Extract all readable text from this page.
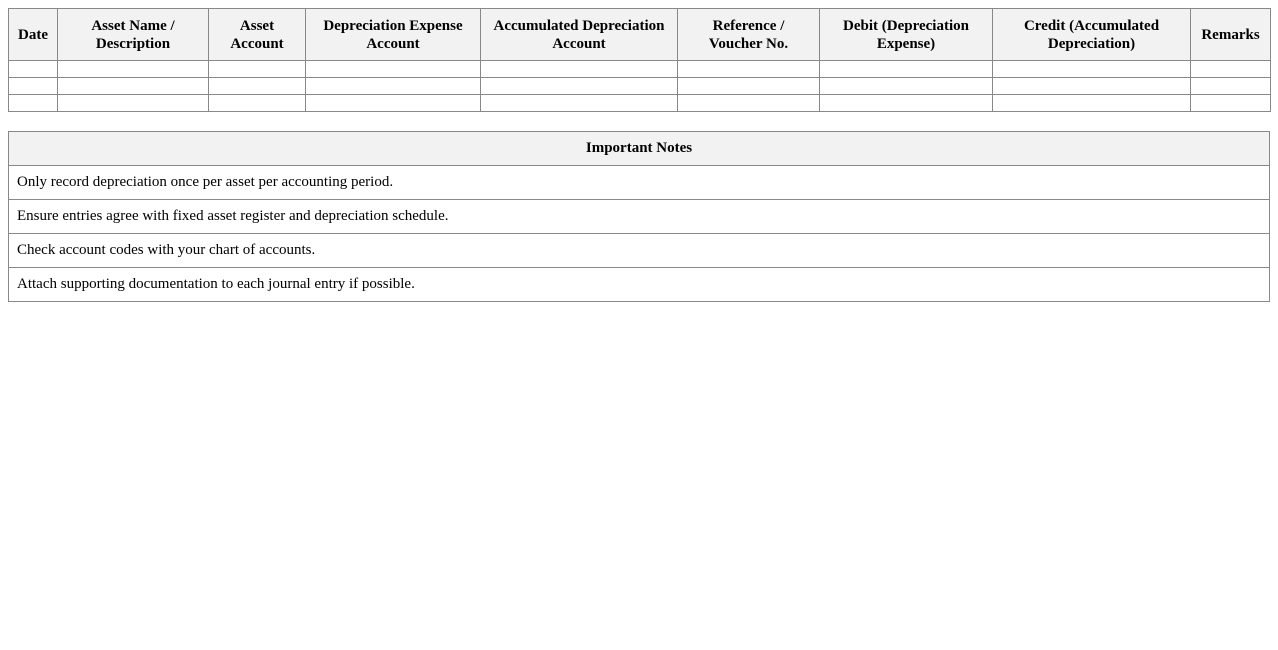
Date	Asset Name / Description	Asset Account	Depreciation Expense Account	Accumulated Depreciation Account	Reference / Voucher No.	Debit (Depreciation Expense)	Credit (Accumulated Depreciation)	Remarks

Important Notes
Only record depreciation once per asset per accounting period.
Ensure entries agree with fixed asset register and depreciation schedule.
Check account codes with your chart of accounts.
Attach supporting documentation to each journal entry if possible.
